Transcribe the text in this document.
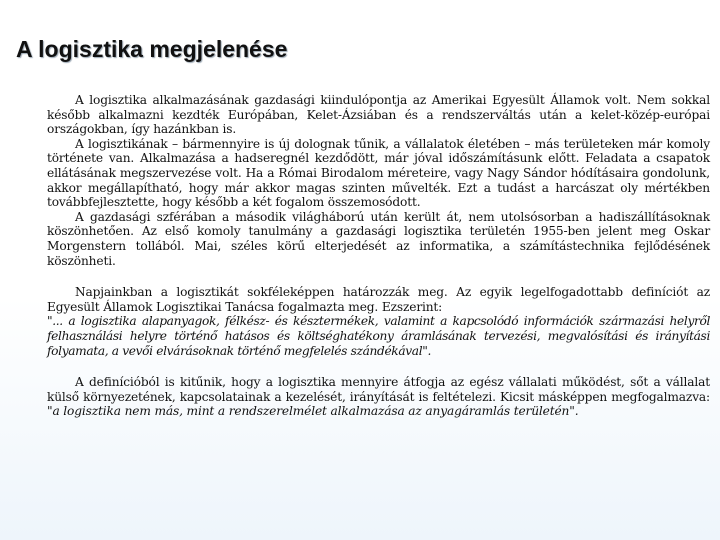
A logisztika megjelenése

A logisztika alkalmazásának gazdasági kiindulópontja az Amerikai Egyesült Államok volt. Nem sokkal később alkalmazni kezdték Európában, Kelet-Ázsiában és a rendszerváltás után a kelet-közép-európai országokban, így hazánkban is.

A logisztikának – bármennyire is új dolognak tűnik, a vállalatok életében – más területeken már komoly története van. Alkalmazása a hadseregnél kezdődött, már jóval időszámításunk előtt. Feladata a csapatok ellátásának megszervezése volt. Ha a Római Birodalom méreteire, vagy Nagy Sándor hódításaira gondolunk, akkor megállapítható, hogy már akkor magas szinten művelték. Ezt a tudást a harcászat oly mértékben továbbfejlesztette, hogy később a két fogalom összemosódott.

A gazdasági szférában a második világháború után került át, nem utolsósorban a hadiszállításoknak köszönhetően. Az első komoly tanulmány a gazdasági logisztika területén 1955-ben jelent meg Oskar Morgenstern tollából. Mai, széles körű elterjedését az informatika, a számítástechnika fejlődésének köszönheti.

Napjainkban a logisztikát sokféleképpen határozzák meg. Az egyik legelfogadottabb definíciót az Egyesült Államok Logisztikai Tanácsa fogalmazta meg. Ezszerint:

"... a logisztika alapanyagok, félkész- és késztermékek, valamint a kapcsolódó információk származási helyről felhasználási helyre történő hatásos és költséghatékony áramlásának tervezési, megvalósítási és irányítási folyamata, a vevői elvárásoknak történő megfelelés szándékával".

A definícióból is kitűnik, hogy a logisztika mennyire átfogja az egész vállalati működést, sőt a vállalat külső környezetének, kapcsolatainak a kezelését, irányítását is feltételezi. Kicsit másképpen megfogalmazva: "a logisztika nem más, mint a rendszerelmélet alkalmazása az anyagáramlás területén".
